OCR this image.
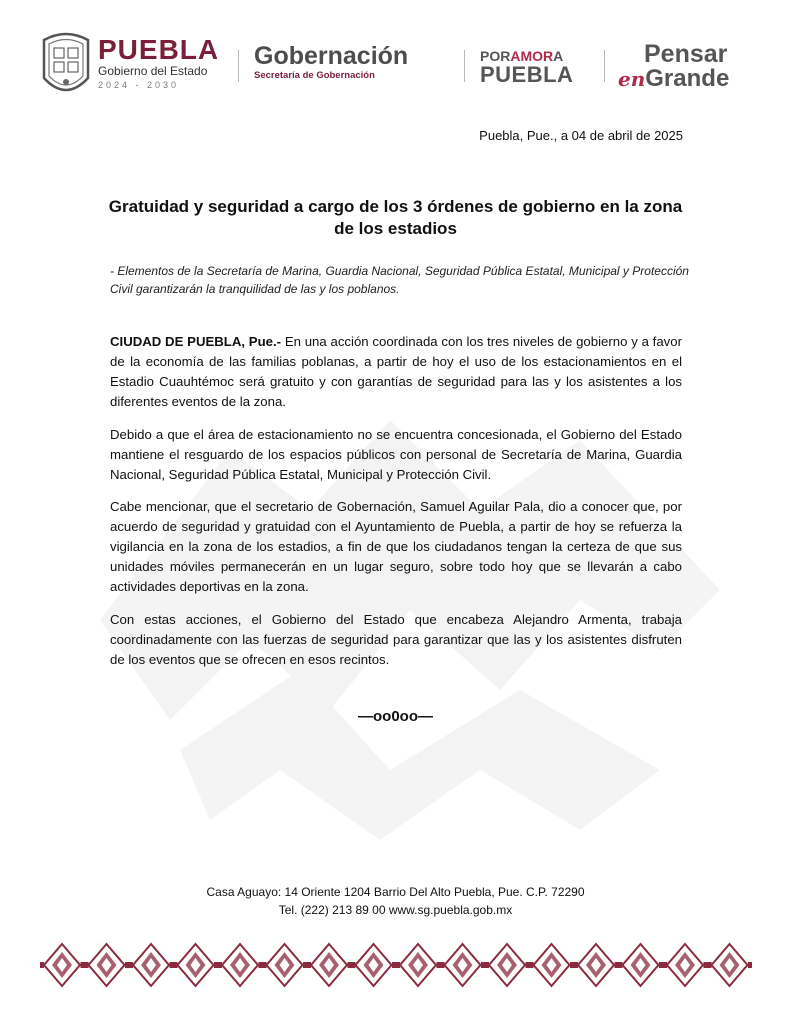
PUEBLA
Gobierno del Estado
2024 - 2030
Gobernación
Secretaría de Gobernación
PORAMORA
PUEBLA
Pensar
enGrande
Puebla, Pue., a 04 de abril de 2025
Gratuidad y seguridad a cargo de los 3 órdenes de gobierno en la zona de los estadios
- Elementos de la Secretaría de Marina, Guardia Nacional, Seguridad Pública Estatal, Municipal y Protección Civil garantizarán la tranquilidad de las y los poblanos.
CIUDAD DE PUEBLA, Pue.- En una acción coordinada con los tres niveles de gobierno y a favor de la economía de las familias poblanas, a partir de hoy el uso de los estacionamientos en el Estadio Cuauhtémoc será gratuito y con garantías de seguridad para las y los asistentes a los diferentes eventos de la zona.
Debido a que el área de estacionamiento no se encuentra concesionada, el Gobierno del Estado mantiene el resguardo de los espacios públicos con personal de Secretaría de Marina, Guardia Nacional, Seguridad Pública Estatal, Municipal y Protección Civil.
Cabe mencionar, que el secretario de Gobernación, Samuel Aguilar Pala, dio a conocer que, por acuerdo de seguridad y gratuidad con el Ayuntamiento de Puebla, a partir de hoy se refuerza la vigilancia en la zona de los estadios, a fin de que los ciudadanos tengan la certeza de que sus unidades móviles permanecerán en un lugar seguro, sobre todo hoy que se llevarán a cabo actividades deportivas en la zona.
Con estas acciones, el Gobierno del Estado que encabeza Alejandro Armenta, trabaja coordinadamente con las fuerzas de seguridad para garantizar que las y los asistentes disfruten de los eventos que se ofrecen en esos recintos.
—oo0oo—
Casa Aguayo: 14 Oriente 1204 Barrio Del Alto Puebla, Pue. C.P. 72290
Tel. (222) 213 89 00 www.sg.puebla.gob.mx
